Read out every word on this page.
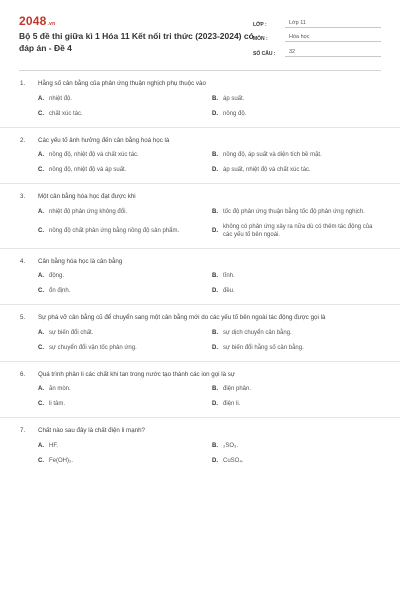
2048.vn
Bộ 5 đề thi giữa kì 1 Hóa 11 Kết nối tri thức (2023-2024) có đáp án - Đề 4
LỚP :	Lớp 11
MÔN :	Hóa học
SỐ CÂU :	32
1.	Hằng số cân bằng của phản ứng thuận nghịch phụ thuộc vào
A. nhiệt độ.	B. áp suất.
C. chất xúc tác.	D. nồng độ.
2.	Các yếu tố ảnh hưởng đến cân bằng hoá học là
A. nồng độ, nhiệt độ và chất xúc tác.	B. nồng độ, áp suất và diện tích bề mặt.
C. nồng độ, nhiệt độ và áp suất.	D. áp suất, nhiệt độ và chất xúc tác.
3.	Một cân bằng hóa học đạt được khi
A. nhiệt độ phản ứng không đổi.	B. tốc độ phản ứng thuận bằng tốc độ phản ứng nghịch.
C. nồng độ chất phản ứng bằng nồng độ sản phẩm.	D.
không có phản ứng xảy ra nữa dù có thêm tác động của các yếu tố bên ngoài.
4.	Cân bằng hóa học là cân bằng
A. động.	B. tĩnh.
C. ổn định.	D. đều.
5.	Sự phá vỡ cân bằng cũ để chuyển sang một cân bằng mới do các yếu tố bên ngoài tác động được gọi là
A. sự biến đổi chất.	B. sự dịch chuyển cân bằng.
C. sự chuyển đổi vận tốc phản ứng.	D. sự biến đổi hằng số cân bằng.
6.	Quá trình phân li các chất khi tan trong nước tạo thành các ion gọi là sự
A. ăn mòn.	B. điện phân.
C. li tâm.	D. điện li.
7.	Chất nào sau đây là chất điện li mạnh?
A. HF.	B. ₂SO₃.
C. Fe(OH)₂.	D. CuSO₄.
